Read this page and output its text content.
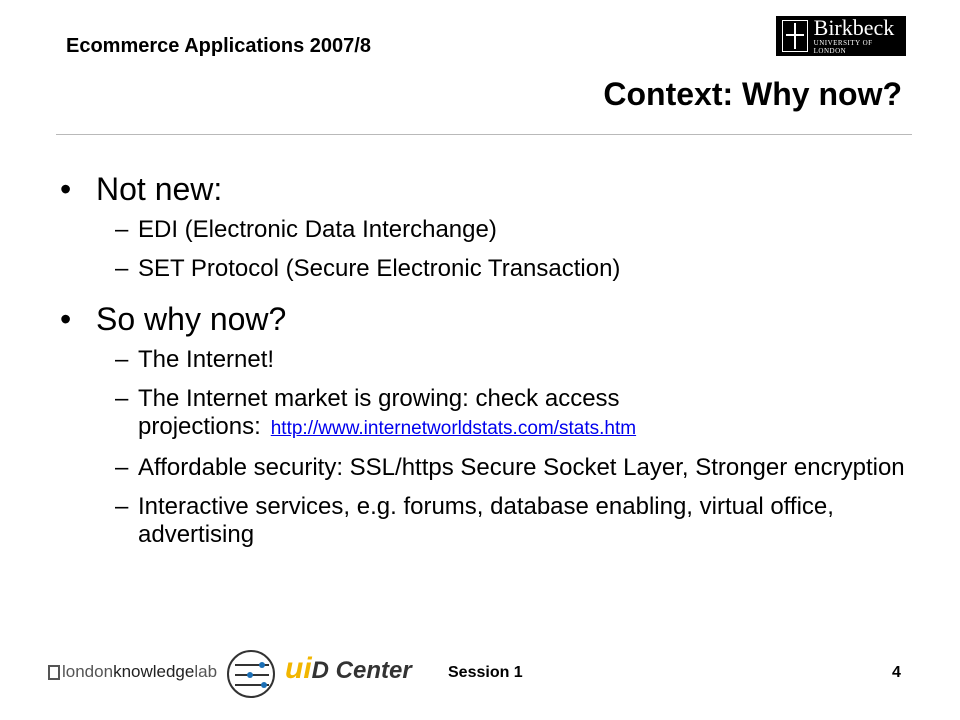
Ecommerce Applications 2007/8
Birkbeck
UNIVERSITY OF LONDON
Context: Why now?
• Not new:
– EDI (Electronic Data Interchange)
– SET Protocol (Secure Electronic Transaction)
• So why now?
– The Internet!
– The Internet market is growing: check access projections: http://www.internetworldstats.com/stats.htm
– Affordable security: SSL/https Secure Socket Layer, Stronger encryption
– Interactive services, e.g. forums, database enabling, virtual office, advertising
london knowledge lab uiD Center Session 1	4
